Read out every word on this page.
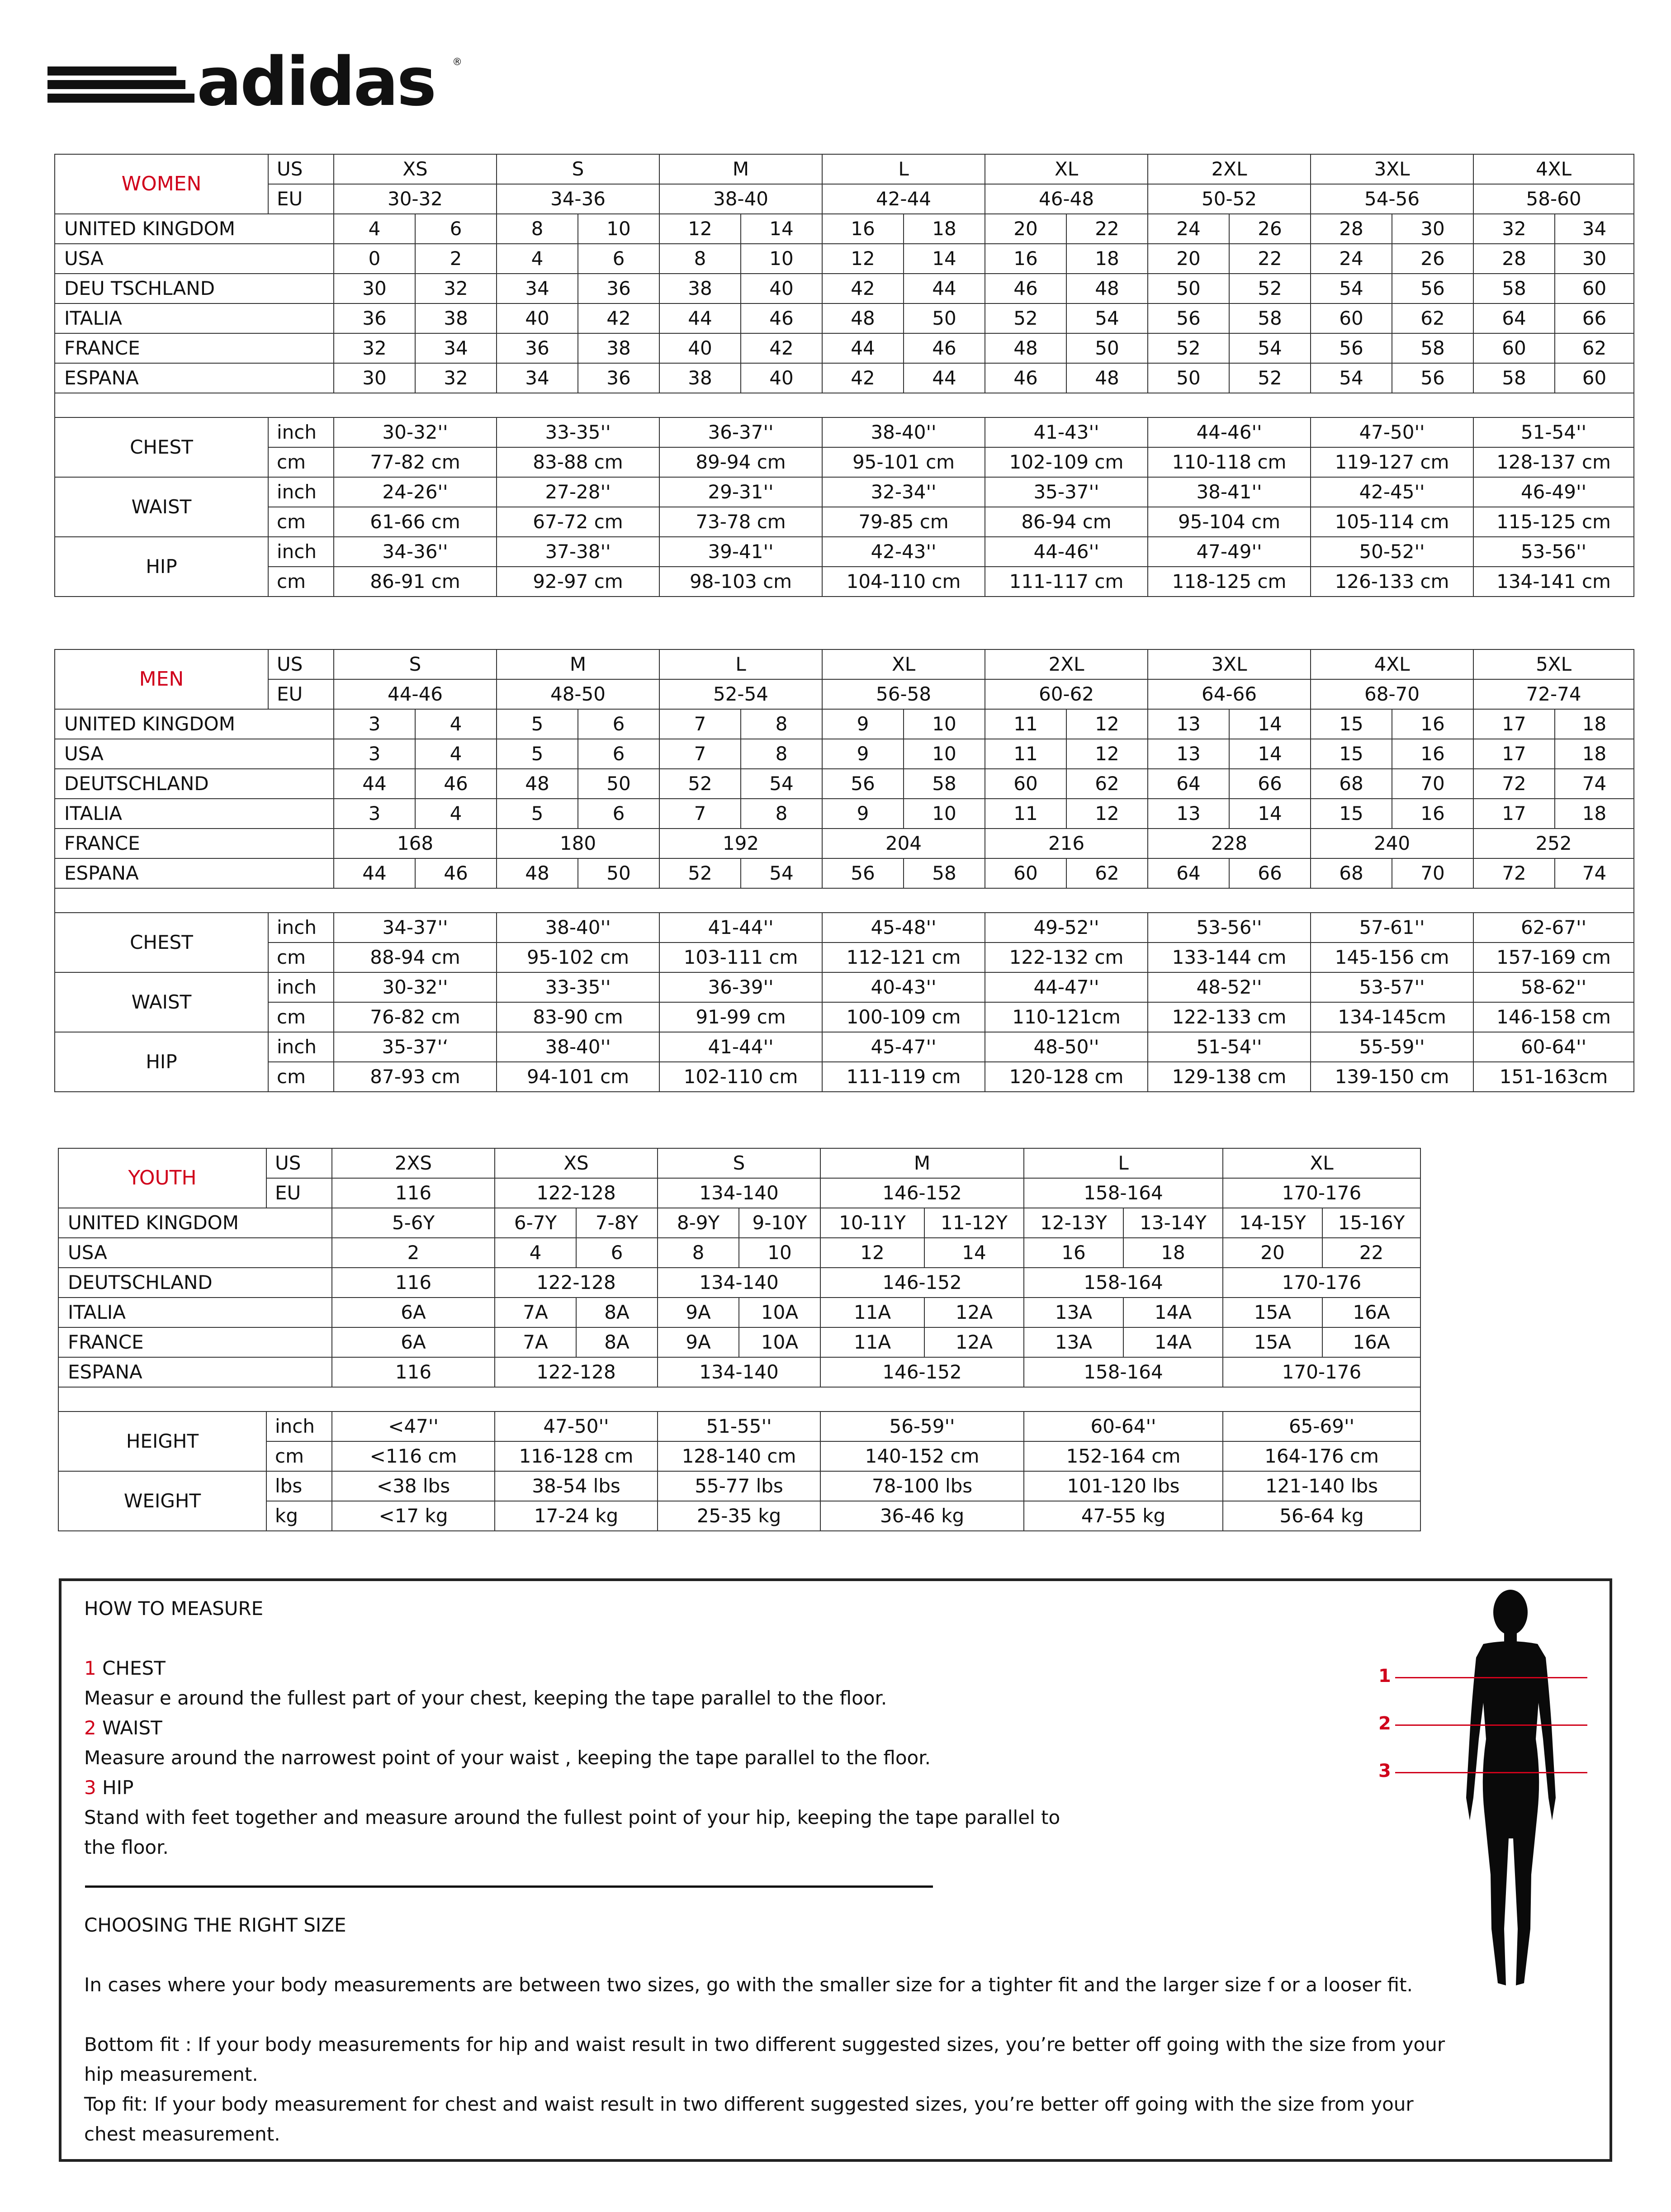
adidas ®
WOMEN	US	XS		S		M		L		XL		2XL		3XL		4XL	
	EU	30-32		34-36		38-40		42-44		46-48		50-52		54-56		58-60	
UNITED KINGDOM		4	6	8	10	12	14	16	18	20	22	24	26	28	30	32	34
USA		0	2	4	6	8	10	12	14	16	18	20	22	24	26	28	30
DEU TSCHLAND		30	32	34	36	38	40	42	44	46	48	50	52	54	56	58	60
ITALIA		36	38	40	42	44	46	48	50	52	54	56	58	60	62	64	66
FRANCE		32	34	36	38	40	42	44	46	48	50	52	54	56	58	60	62
ESPANA		30	32	34	36	38	40	42	44	46	48	50	52	54	56	58	60

CHEST	inch	30-32''		33-35''		36-37''		38-40''		41-43''		44-46''		47-50''		51-54''	
	cm	77-82 cm		83-88 cm		89-94 cm		95-101 cm		102-109 cm		110-118 cm		119-127 cm		128-137 cm	
WAIST	inch	24-26''		27-28''		29-31''		32-34''		35-37''		38-41''		42-45''		46-49''	
	cm	61-66 cm		67-72 cm		73-78 cm		79-85 cm		86-94 cm		95-104 cm		105-114 cm		115-125 cm	
HIP	inch	34-36''		37-38''		39-41''		42-43''		44-46''		47-49''		50-52''		53-56''	
	cm	86-91 cm		92-97 cm		98-103 cm		104-110 cm		111-117 cm		118-125 cm		126-133 cm		134-141 cm	
MEN	US	S		M		L		XL		2XL		3XL		4XL		5XL	
	EU	44-46		48-50		52-54		56-58		60-62		64-66		68-70		72-74	
UNITED KINGDOM		3	4	5	6	7	8	9	10	11	12	13	14	15	16	17	18
USA		3	4	5	6	7	8	9	10	11	12	13	14	15	16	17	18
DEUTSCHLAND		44	46	48	50	52	54	56	58	60	62	64	66	68	70	72	74
ITALIA		3	4	5	6	7	8	9	10	11	12	13	14	15	16	17	18
FRANCE		168		180		192		204		216		228		240		252	
ESPANA		44	46	48	50	52	54	56	58	60	62	64	66	68	70	72	74

CHEST	inch	34-37''		38-40''		41-44''		45-48''		49-52''		53-56''		57-61''		62-67''	
	cm	88-94 cm		95-102 cm		103-111 cm		112-121 cm		122-132 cm		133-144 cm		145-156 cm		157-169 cm	
WAIST	inch	30-32''		33-35''		36-39''		40-43''		44-47''		48-52''		53-57''		58-62''	
	cm	76-82 cm		83-90 cm		91-99 cm		100-109 cm		110-121cm		122-133 cm		134-145cm		146-158 cm	
HIP	inch	35-37'‘		38-40''		41-44''		45-47''		48-50''		51-54''		55-59''		60-64''	
	cm	87-93 cm		94-101 cm		102-110 cm		111-119 cm		120-128 cm		129-138 cm		139-150 cm		151-163cm	
YOUTH	US	2XS	XS		S		M		L		XL	
	EU	116	122-128		134-140		146-152		158-164		170-176	
UNITED KINGDOM		5-6Y	6-7Y	7-8Y	8-9Y	9-10Y	10-11Y	11-12Y	12-13Y	13-14Y	14-15Y	15-16Y
USA		2	4	6	8	10	12	14	16	18	20	22
DEUTSCHLAND		116	122-128		134-140		146-152		158-164		170-176	
ITALIA		6A	7A	8A	9A	10A	11A	12A	13A	14A	15A	16A
FRANCE		6A	7A	8A	9A	10A	11A	12A	13A	14A	15A	16A
ESPANA		116	122-128		134-140		146-152		158-164		170-176	

HEIGHT	inch	<47''	47-50''		51-55''		56-59''		60-64''		65-69''	
	cm	<116 cm	116-128 cm		128-140 cm		140-152 cm		152-164 cm		164-176 cm	
WEIGHT	lbs	<38 lbs	38-54 lbs		55-77 lbs		78-100 lbs		101-120 lbs		121-140 lbs	
	kg	<17 kg	17-24 kg		25-35 kg		36-46 kg		47-55 kg		56-64 kg	
HOW TO MEASURE
1 CHEST
Measur e around the fullest part of your chest, keeping the tape parallel to the floor.
2 WAIST
Measure around the narrowest point of your waist , keeping the tape parallel to the floor.
3 HIP
Stand with feet together and measure around the fullest point of your hip, keeping the tape parallel to
the floor.
CHOOSING THE RIGHT SIZE
In cases where your body measurements are between two sizes, go with the smaller size for a tighter fit and the larger size f or a looser fit.
Bottom fit : If your body measurements for hip and waist result in two different suggested sizes, you’re better off going with the size from your
hip measurement.
Top fit: If your body measurement for chest and waist result in two different suggested sizes, you’re better off going with the size from your
chest measurement.
1
2
3
